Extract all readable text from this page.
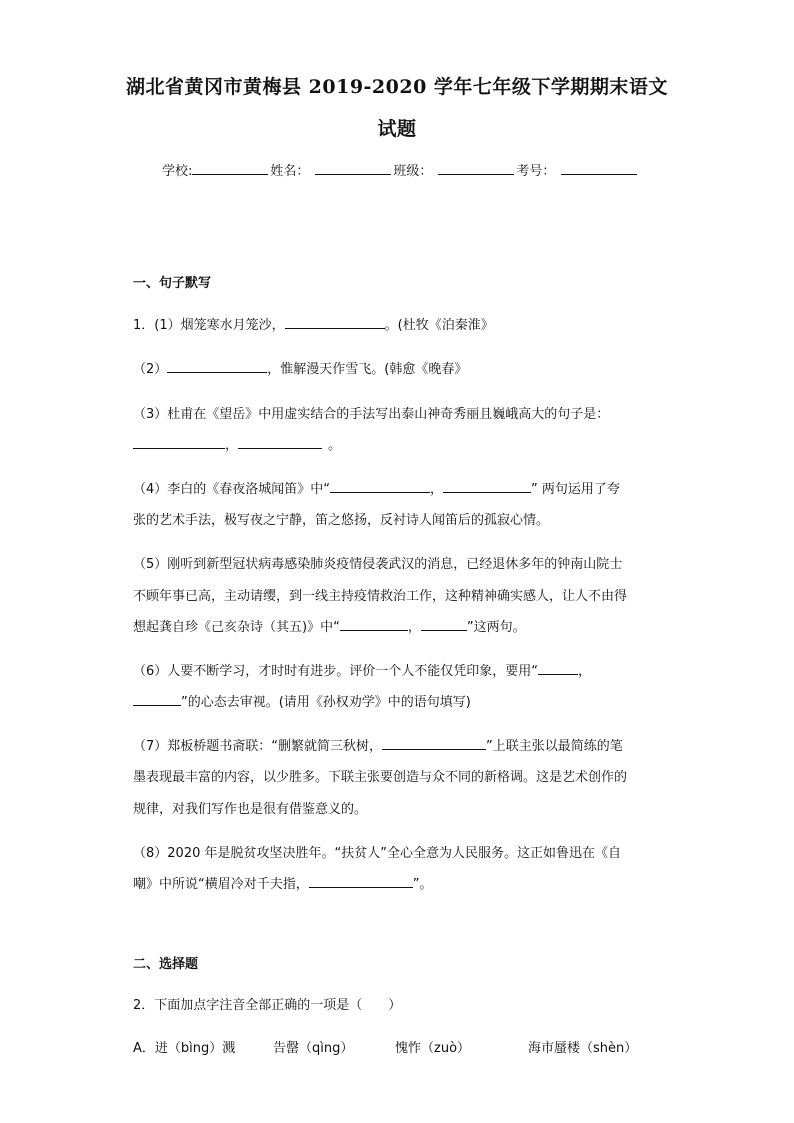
湖北省黄冈市黄梅县 2019-2020 学年七年级下学期期末语文
试题
学校:	姓名：	班级：	考号：
一、句子默写
1．(1）烟笼寒水月笼沙，	。(杜牧《泊秦淮》
（2）	，惟解漫天作雪飞。(韩愈《晚春》
（3）杜甫在《望岳》中用虚实结合的手法写出泰山神奇秀丽且巍峨高大的句子是：
，	。
（4）李白的《春夜洛城闻笛》中“	，	” 两句运用了夸
张的艺术手法，极写夜之宁静，笛之悠扬，反衬诗人闻笛后的孤寂心情。
（5）刚听到新型冠状病毒感染肺炎疫情侵袭武汉的消息，已经退休多年的钟南山院士
不顾年事已高，主动请缨，到一线主持疫情救治工作，这种精神确实感人，让人不由得
想起龚自珍《己亥杂诗（其五)》中“	，	”这两句。
（6）人要不断学习，才时时有进步。评价一个人不能仅凭印象，要用“	，
”的心态去审视。(请用《孙权劝学》中的语句填写)
（7）郑板桥题书斋联：“删繁就简三秋树，	”上联主张以最简练的笔
墨表现最丰富的内容，以少胜多。下联主张要创造与众不同的新格调。这是艺术创作的
规律，对我们写作也是很有借鉴意义的。
（8）2020 年是脱贫攻坚决胜年。“扶贫人”全心全意为人民服务。这正如鲁迅在《自
嘲》中所说“横眉冷对千夫指，	”。
二、选择题
2．下面加点字注音全部正确的一项是（　　）
A．迸（bìng）溅	告罄（qìng）	愧怍（zuò）	海市蜃楼（shèn）
